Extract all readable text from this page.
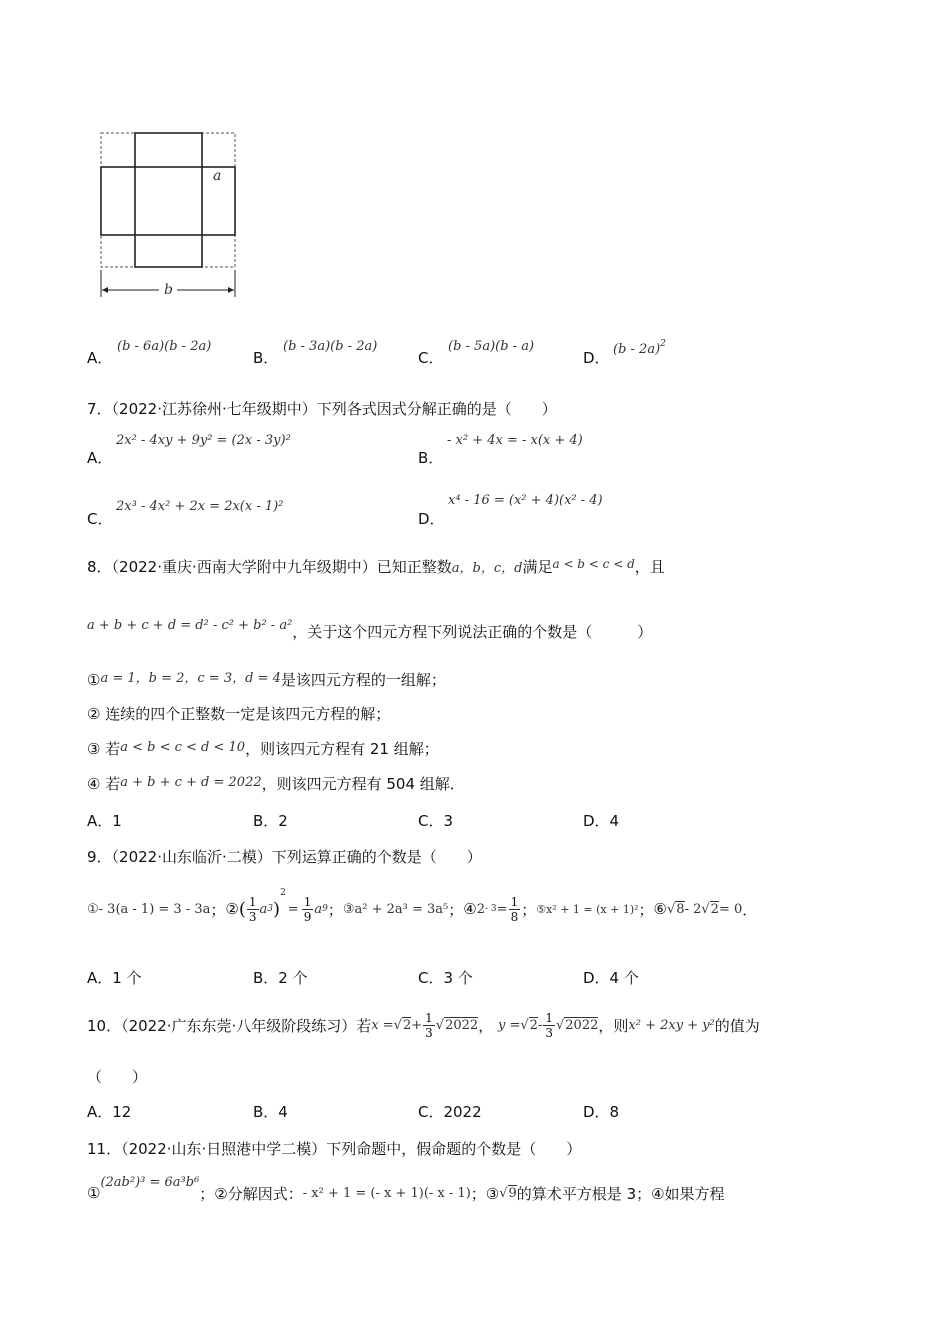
a
b
A．
(b - 6a)(b - 2a)
B．
(b - 3a)(b - 2a)
C．
(b - 5a)(b - a)
D． (b - 2a)$^2$
7．（2022·江苏徐州·七年级期中）下列各式因式分解正确的是（　　）
A．
2x² - 4xy + 9y² = (2x - 3y)²
B．
- x² + 4x = - x(x + 4)
C．
2x³ - 4x² + 2x = 2x(x - 1)²
D．
x⁴ - 16 = (x² + 4)(x² - 4)
8．（2022·重庆·西南大学附中九年级期中）已知正整数a，b，c，d满足$^{a < b < c < d}$，且
a + b + c + d = d² - c² + b² - a²，关于这个四元方程下列说法正确的个数是（　　　）
①a = 1，b = 2，c = 3，d = 4是该四元方程的一组解；
② 连续的四个正整数一定是该四元方程的解；
③ 若a < b < c < d < 10，则该四元方程有 21 组解；
④ 若a + b + c + d = 2022，则该四元方程有 504 组解．
A．1	B．2	C．3	D．4
9．（2022·山东临沂·二模）下列运算正确的个数是（　　）
①- 3(a - 1) = 3 - 3a ； ② ( $\frac{1}{3}$ a 3 )
2
= $\frac{1}{9}$ a 9 ； ③a² + 2a³ = 3a⁵ ； ④ $2 - 3 = \frac{1}{8}$ ； ⑤x² + 1 = (x + 1)² ； ⑥ √ 8 - 2 √ 2 = 0 ．
A．1 个	B．2 个	C．3 个	D．4 个
10．（2022·广东东莞·八年级阶段练习）若 x = √ $2 + \frac{1}{3}$ √ 2022 ，
y = √ $2 - \frac{1}{3}$ √ 2022 ，则 x² + 2xy + y² 的值为
（　　）
A．12	B．4	C．2022	D．8
11．（2022·山东·日照港中学二模）下列命题中，假命题的个数是（　　）
①
(2ab²)³ = 6a³b⁶
；②分解因式： - x² + 1 = (- x + 1)(- x - 1) ；③ √ 9 的算术平方根是 3；④如果方程
